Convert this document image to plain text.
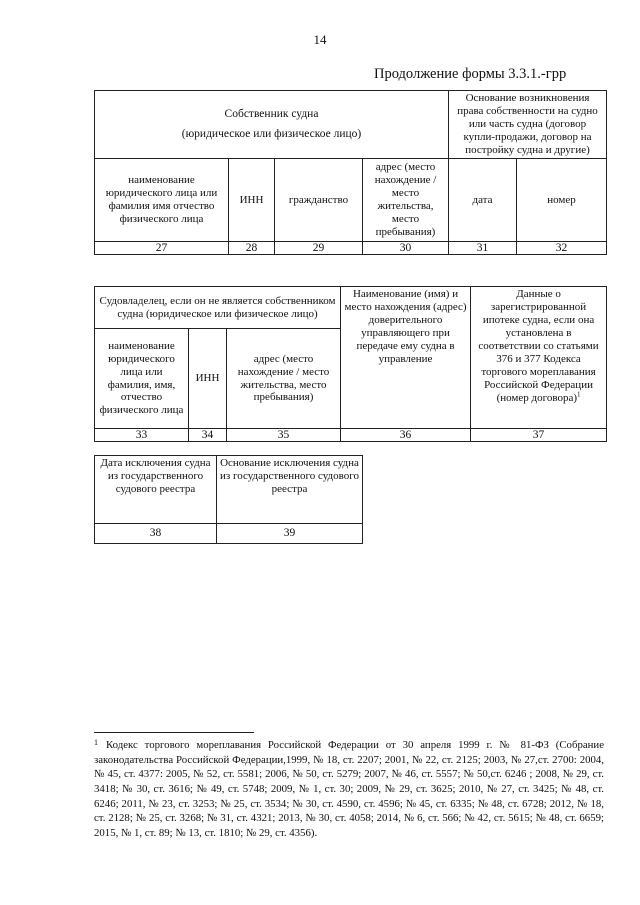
14
Продолжение формы 3.3.1.-грр
Собственник судна
(юридическое или физическое лицо)				Основание возникновения права собственности на судно или часть судна (договор купли-продажи, договор на постройку судна и другие)	
наименование юридического лица или фамилия имя отчество физического лица	ИНН	гражданство	адрес (место нахождение / место жительства, место пребывания)	дата	номер
27	28	29	30	31	32
Судовладелец, если он не является собственником судна (юридическое или физическое лицо)			Наименование (имя) и место нахождения (адрес) доверительного управляющего при передаче ему судна в управление	Данные о зарегистрированной ипотеке судна, если она установлена в соответствии со статьями 376 и 377 Кодекса торгового мореплавания Российской Федерации (номер договора)$^1$
наименование юридического лица или фамилия, имя, отчество физического лица	ИНН	адрес (место нахождение / место жительства, место пребывания)		
33	34	35	36	37
Дата исключения судна из государственного судового реестра	Основание исключения судна из государственного судового реестра
38	39
$^1$ Кодекс торгового мореплавания Российской Федерации от 30 апреля 1999 г. № 81-ФЗ (Собрание законодательства Российской Федерации,1999, № 18, ст. 2207; 2001, № 22, ст. 2125; 2003, № 27,ст. 2700: 2004, № 45, ст. 4377: 2005, № 52, ст. 5581; 2006, № 50, ст. 5279; 2007, № 46, ст. 5557; № 50,ст. 6246 ; 2008, № 29, ст. 3418; № 30, ст. 3616; № 49, ст. 5748; 2009, № 1, ст. 30; 2009, № 29, ст. 3625; 2010, № 27, ст. 3425; № 48, ст. 6246; 2011, № 23, ст. 3253; № 25, ст. 3534; № 30, ст. 4590, ст. 4596; № 45, ст. 6335; № 48, ст. 6728; 2012, № 18, ст. 2128; № 25, ст. 3268; № 31, ст. 4321; 2013, № 30, ст. 4058; 2014, № 6, ст. 566; № 42, ст. 5615; № 48, ст. 6659; 2015, № 1, ст. 89; № 13, ст. 1810; № 29, ст. 4356).
